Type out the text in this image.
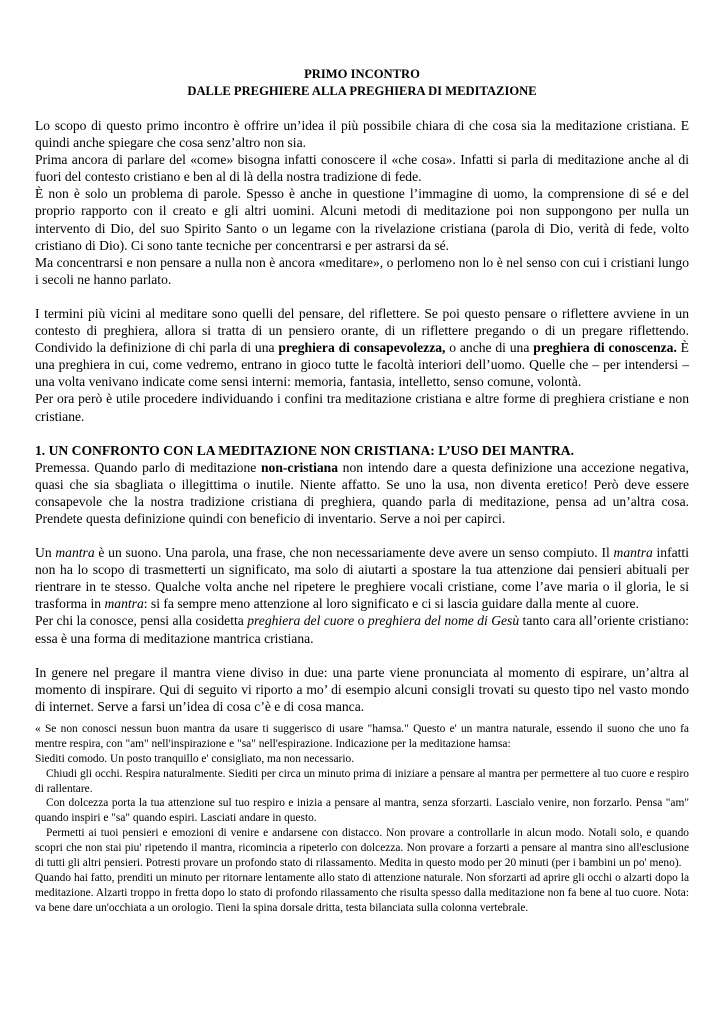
PRIMO INCONTRO
DALLE PREGHIERE ALLA PREGHIERA DI MEDITAZIONE

Lo scopo di questo primo incontro è offrire un’idea il più possibile chiara di che cosa sia la meditazione cristiana. E quindi anche spiegare che cosa senz’altro non sia.

Prima ancora di parlare del «come» bisogna infatti conoscere il «che cosa». Infatti si parla di meditazione anche al di fuori del contesto cristiano e ben al di là della nostra tradizione di fede.

È non è solo un problema di parole. Spesso è anche in questione l’immagine di uomo, la comprensione di sé e del proprio rapporto con il creato e gli altri uomini. Alcuni metodi di meditazione poi non suppongono per nulla un intervento di Dio, del suo Spirito Santo o un legame con la rivelazione cristiana (parola di Dio, verità di fede, volto cristiano di Dio). Ci sono tante tecniche per concentrarsi e per astrarsi da sé.

Ma concentrarsi e non pensare a nulla non è ancora «meditare», o perlomeno non lo è nel senso con cui i cristiani lungo i secoli ne hanno parlato.

I termini più vicini al meditare sono quelli del pensare, del riflettere. Se poi questo pensare o riflettere avviene in un contesto di preghiera, allora si tratta di un pensiero orante, di un riflettere pregando o di un pregare riflettendo. Condivido la definizione di chi parla di una preghiera di consapevolezza, o anche di una preghiera di conoscenza. È una preghiera in cui, come vedremo, entrano in gioco tutte le facoltà interiori dell’uomo. Quelle che – per intendersi – una volta venivano indicate come sensi interni: memoria, fantasia, intelletto, senso comune, volontà.

Per ora però è utile procedere individuando i confini tra meditazione cristiana e altre forme di preghiera cristiane e non cristiane.

1. UN CONFRONTO CON LA MEDITAZIONE NON CRISTIANA: L’USO DEI MANTRA.

Premessa. Quando parlo di meditazione non-cristiana non intendo dare a questa definizione una accezione negativa, quasi che sia sbagliata o illegittima o inutile. Niente affatto. Se uno la usa, non diventa eretico! Però deve essere consapevole che la nostra tradizione cristiana di preghiera, quando parla di meditazione, pensa ad un’altra cosa. Prendete questa definizione quindi con beneficio di inventario. Serve a noi per capirci.

Un mantra è un suono. Una parola, una frase, che non necessariamente deve avere un senso compiuto. Il mantra infatti non ha lo scopo di trasmetterti un significato, ma solo di aiutarti a spostare la tua attenzione dai pensieri abituali per rientrare in te stesso. Qualche volta anche nel ripetere le preghiere vocali cristiane, come l’ave maria o il gloria, le si trasforma in mantra: si fa sempre meno attenzione al loro significato e ci si lascia guidare dalla mente al cuore.

Per chi la conosce, pensi alla cosidetta preghiera del cuore o preghiera del nome di Gesù tanto cara all’oriente cristiano: essa è una forma di meditazione mantrica cristiana.

In genere nel pregare il mantra viene diviso in due: una parte viene pronunciata al momento di espirare, un’altra al momento di inspirare. Qui di seguito vi riporto a mo’ di esempio alcuni consigli trovati su questo tipo nel vasto mondo di internet. Serve a farsi un’idea di cosa c’è e di cosa manca.

« Se non conosci nessun buon mantra da usare ti suggerisco di usare "hamsa." Questo e' un mantra naturale, essendo il suono che uno fa mentre respira, con "am" nell'inspirazione e "sa" nell'espirazione. Indicazione per la meditazione hamsa:

Siediti comodo. Un posto tranquillo e' consigliato, ma non necessario.

Chiudi gli occhi. Respira naturalmente. Siediti per circa un minuto prima di iniziare a pensare al mantra per permettere al tuo cuore e respiro di rallentare.

Con dolcezza porta la tua attenzione sul tuo respiro e inizia a pensare al mantra, senza sforzarti. Lascialo venire, non forzarlo. Pensa "am" quando inspiri e "sa" quando espiri. Lasciati andare in questo.

Permetti ai tuoi pensieri e emozioni di venire e andarsene con distacco. Non provare a controllarle in alcun modo. Notali solo, e quando scopri che non stai piu' ripetendo il mantra, ricomincia a ripeterlo con dolcezza. Non provare a forzarti a pensare al mantra sino all'esclusione di tutti gli altri pensieri. Potresti provare un profondo stato di rilassamento. Medita in questo modo per 20 minuti (per i bambini un po' meno).

Quando hai fatto, prenditi un minuto per ritornare lentamente allo stato di attenzione naturale. Non sforzarti ad aprire gli occhi o alzarti dopo la meditazione. Alzarti troppo in fretta dopo lo stato di profondo rilassamento che risulta spesso dalla meditazione non fa bene al tuo cuore. Nota: va bene dare un'occhiata a un orologio. Tieni la spina dorsale dritta, testa bilanciata sulla colonna vertebrale.
